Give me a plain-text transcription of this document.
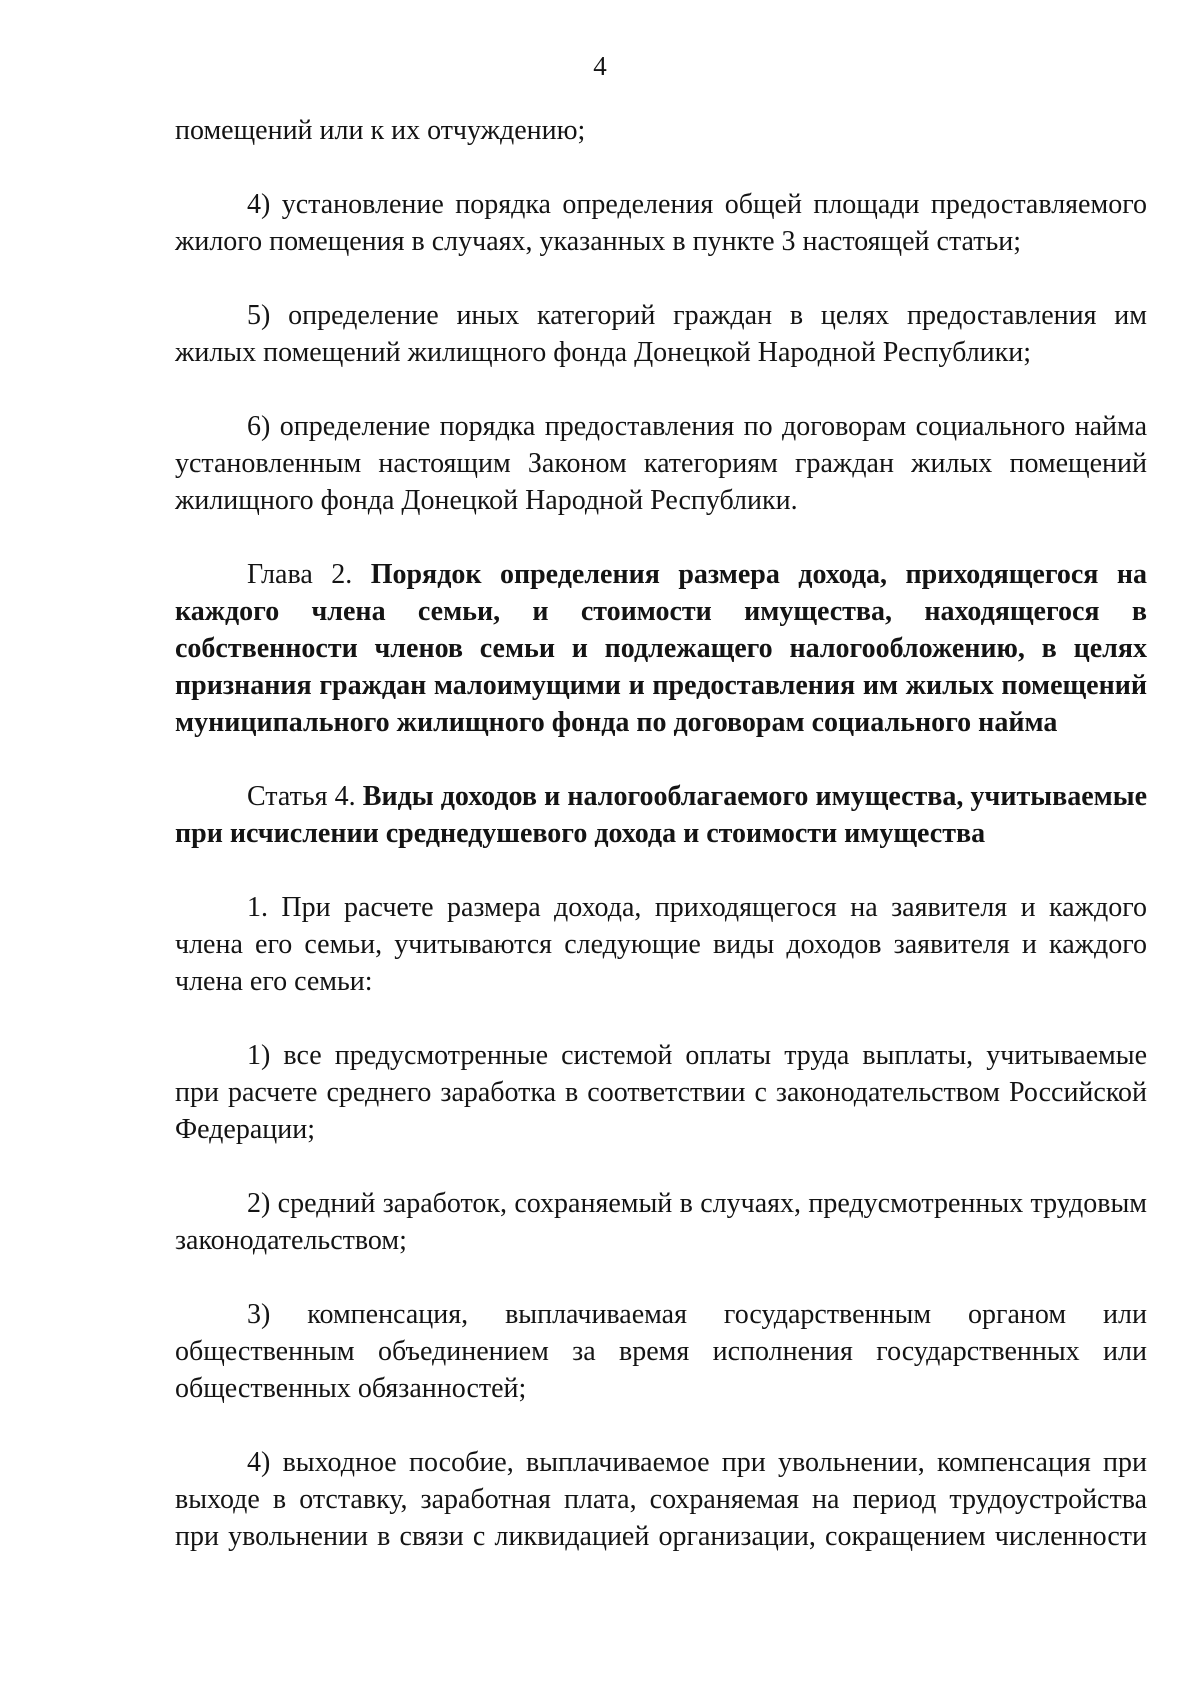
4

помещений или к их отчуждению;

4) установление порядка определения общей площади предоставляемого жилого помещения в случаях, указанных в пункте 3 настоящей статьи;

5) определение иных категорий граждан в целях предоставления им жилых помещений жилищного фонда Донецкой Народной Республики;

6) определение порядка предоставления по договорам социального найма установленным настоящим Законом категориям граждан жилых помещений жилищного фонда Донецкой Народной Республики.

Глава 2. Порядок определения размера дохода, приходящегося на каждого члена семьи, и стоимости имущества, находящегося в собственности членов семьи и подлежащего налогообложению, в целях признания граждан малоимущими и предоставления им жилых помещений муниципального жилищного фонда по договорам социального найма

Статья 4. Виды доходов и налогооблагаемого имущества, учитываемые при исчислении среднедушевого дохода и стоимости имущества

1. При расчете размера дохода, приходящегося на заявителя и каждого члена его семьи, учитываются следующие виды доходов заявителя и каждого члена его семьи:

1) все предусмотренные системой оплаты труда выплаты, учитываемые при расчете среднего заработка в соответствии с законодательством Российской Федерации;

2) средний заработок, сохраняемый в случаях, предусмотренных трудовым законодательством;

3) компенсация, выплачиваемая государственным органом или общественным объединением за время исполнения государственных или общественных обязанностей;

4) выходное пособие, выплачиваемое при увольнении, компенсация при выходе в отставку, заработная плата, сохраняемая на период трудоустройства при увольнении в связи с ликвидацией организации, сокращением численности
